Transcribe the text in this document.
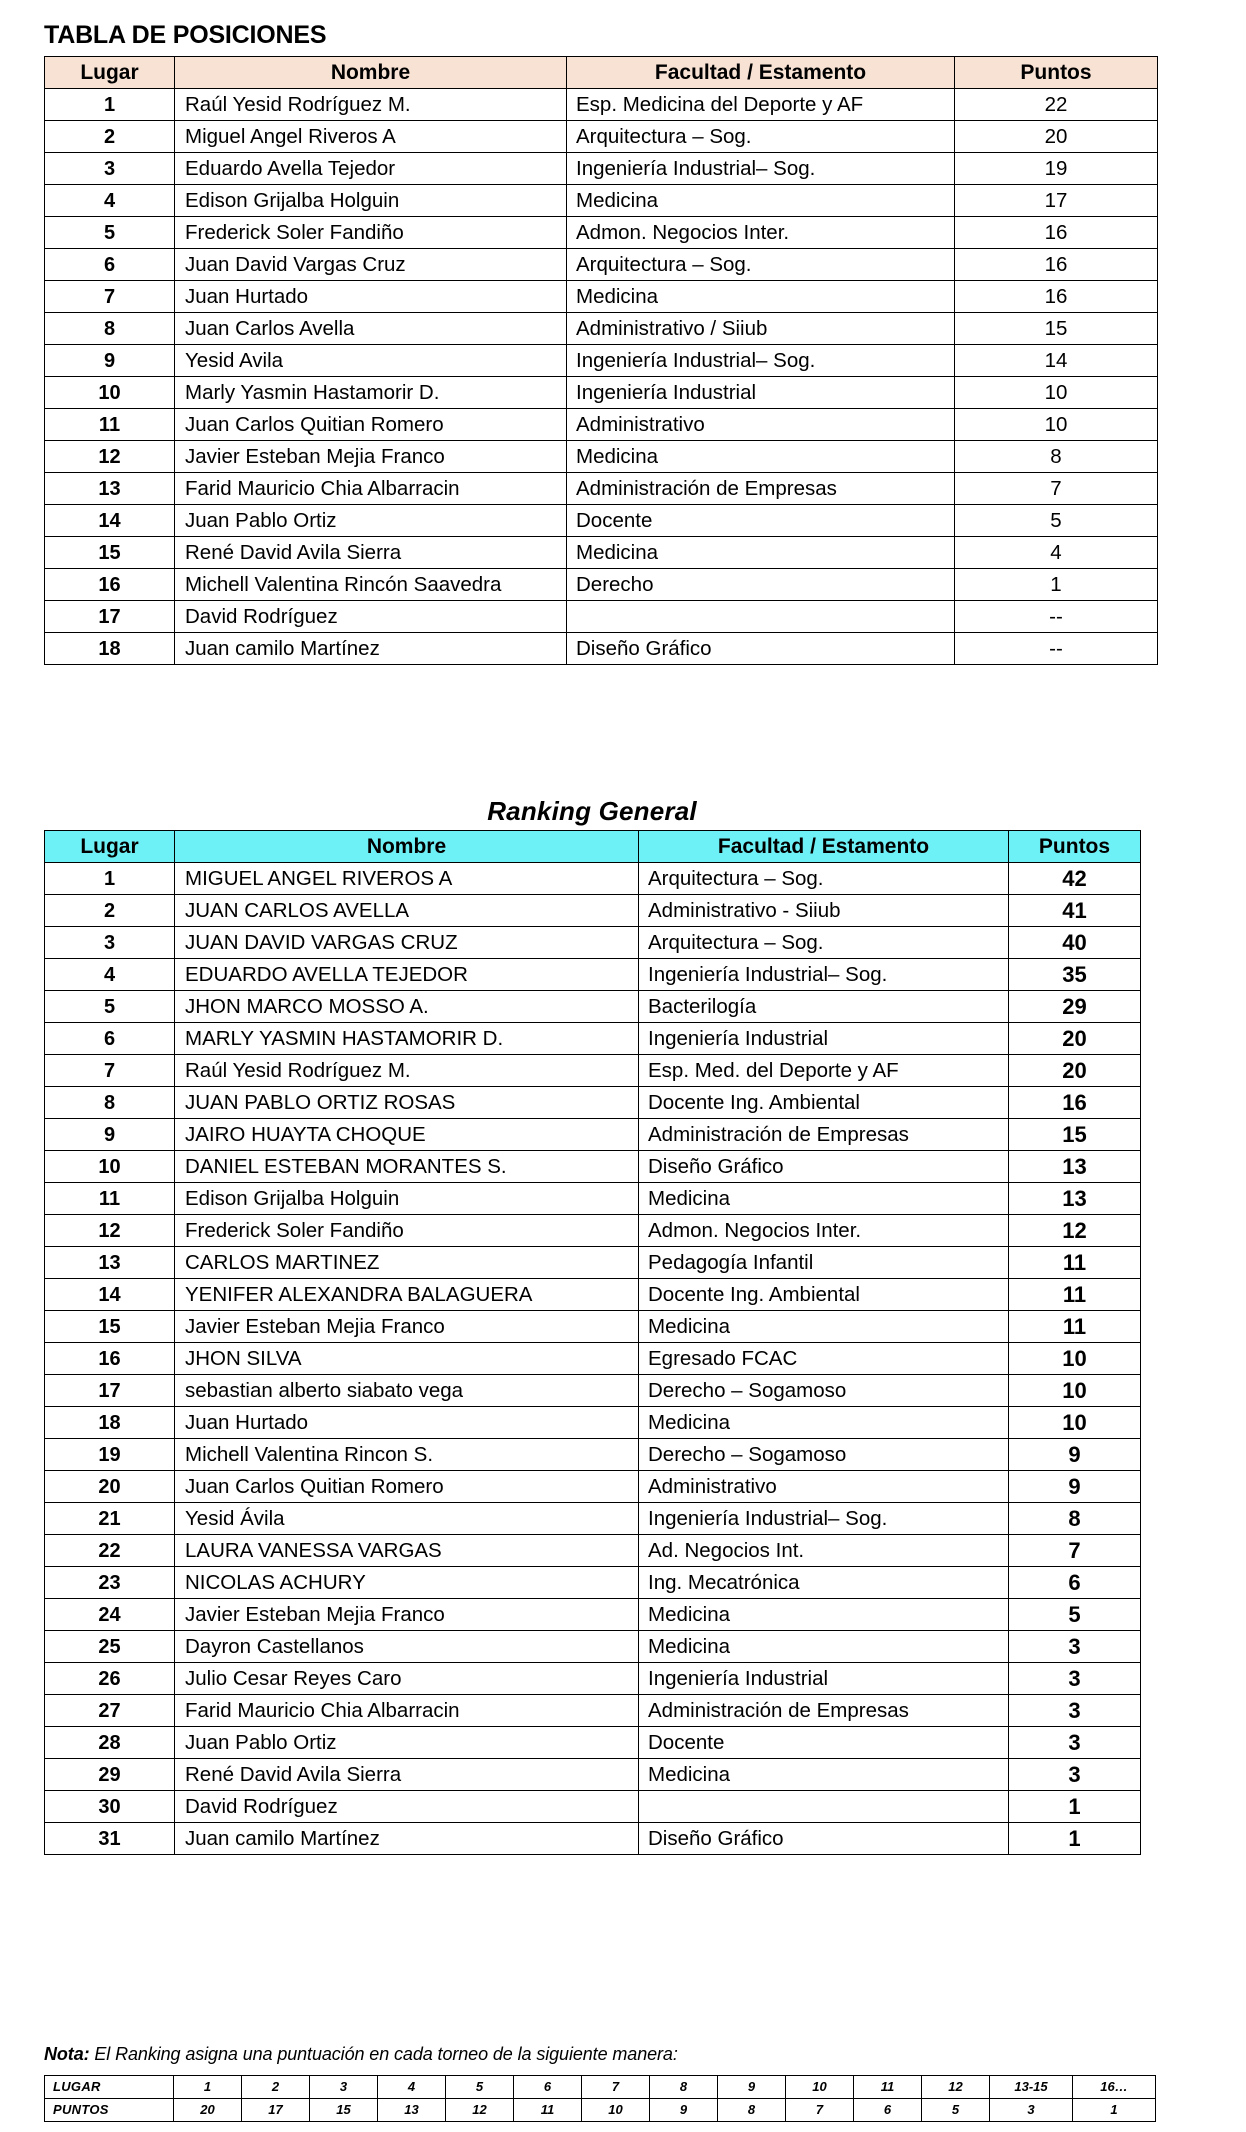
TABLA DE POSICIONES
Lugar	Nombre	Facultad / Estamento	Puntos
1	Raúl Yesid Rodríguez M.	Esp. Medicina del Deporte y AF	22
2	Miguel Angel Riveros A	Arquitectura – Sog.	20
3	Eduardo Avella Tejedor	Ingeniería Industrial– Sog.	19
4	Edison Grijalba Holguin	Medicina	17
5	Frederick Soler Fandiño	Admon. Negocios Inter.	16
6	Juan David Vargas Cruz	Arquitectura – Sog.	16
7	Juan Hurtado	Medicina	16
8	Juan Carlos Avella	Administrativo / Siiub	15
9	Yesid Avila	Ingeniería Industrial– Sog.	14
10	Marly Yasmin Hastamorir D.	Ingeniería Industrial	10
11	Juan Carlos Quitian Romero	Administrativo	10
12	Javier Esteban Mejia Franco	Medicina	8
13	Farid Mauricio Chia Albarracin	Administración de Empresas	7
14	Juan Pablo Ortiz	Docente	5
15	René David Avila Sierra	Medicina	4
16	Michell Valentina Rincón Saavedra	Derecho	1
17	David Rodríguez		--
18	Juan camilo Martínez	Diseño Gráfico	--
Ranking General
Lugar	Nombre	Facultad / Estamento	Puntos
1	MIGUEL ANGEL RIVEROS A	Arquitectura – Sog.	42
2	JUAN CARLOS AVELLA	Administrativo - Siiub	41
3	JUAN DAVID VARGAS CRUZ	Arquitectura – Sog.	40
4	EDUARDO AVELLA TEJEDOR	Ingeniería Industrial– Sog.	35
5	JHON MARCO MOSSO A.	Bacterilogía	29
6	MARLY YASMIN HASTAMORIR D.	Ingeniería Industrial	20
7	Raúl Yesid Rodríguez M.	Esp. Med. del Deporte y AF	20
8	JUAN PABLO ORTIZ ROSAS	Docente Ing. Ambiental	16
9	JAIRO HUAYTA CHOQUE	Administración de Empresas	15
10	DANIEL ESTEBAN MORANTES S.	Diseño Gráfico	13
11	Edison Grijalba Holguin	Medicina	13
12	Frederick Soler Fandiño	Admon. Negocios Inter.	12
13	CARLOS MARTINEZ	Pedagogía Infantil	11
14	YENIFER ALEXANDRA BALAGUERA	Docente Ing. Ambiental	11
15	Javier Esteban Mejia Franco	Medicina	11
16	JHON SILVA	Egresado FCAC	10
17	sebastian alberto siabato vega	Derecho – Sogamoso	10
18	Juan Hurtado	Medicina	10
19	Michell Valentina Rincon S.	Derecho – Sogamoso	9
20	Juan Carlos Quitian Romero	Administrativo	9
21	Yesid Ávila	Ingeniería Industrial– Sog.	8
22	LAURA VANESSA VARGAS	Ad. Negocios Int.	7
23	NICOLAS ACHURY	Ing. Mecatrónica	6
24	Javier Esteban Mejia Franco	Medicina	5
25	Dayron Castellanos	Medicina	3
26	Julio Cesar Reyes Caro	Ingeniería Industrial	3
27	Farid Mauricio Chia Albarracin	Administración de Empresas	3
28	Juan Pablo Ortiz	Docente	3
29	René David Avila Sierra	Medicina	3
30	David Rodríguez		1
31	Juan camilo Martínez	Diseño Gráfico	1
Nota: El Ranking asigna una puntuación en cada torneo de la siguiente manera:
LUGAR	1	2	3	4	5	6	7	8	9	10	11	12	13-15	16…
PUNTOS	20	17	15	13	12	11	10	9	8	7	6	5	3	1
